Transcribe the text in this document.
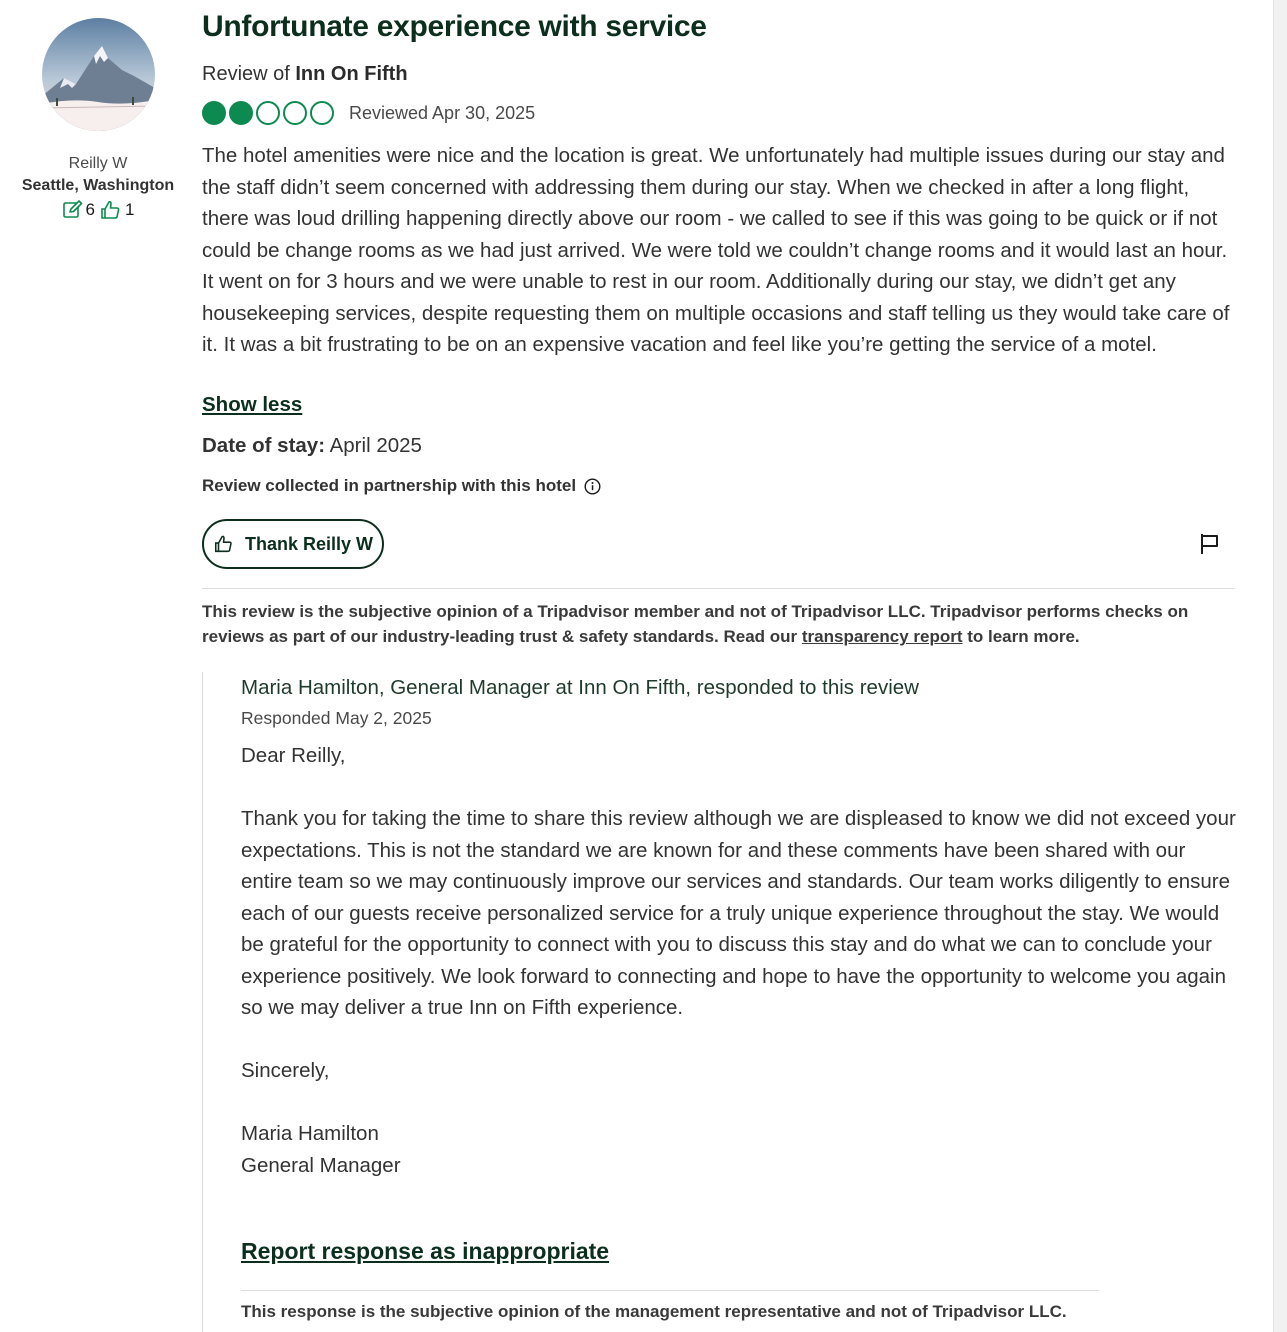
Reilly W
Seattle, Washington
6 1
Unfortunate experience with service
Review of Inn On Fifth
Reviewed Apr 30, 2025

The hotel amenities were nice and the location is great. We unfortunately had multiple issues during our stay and the staff didn’t seem concerned with addressing them during our stay. When we checked in after a long flight, there was loud drilling happening directly above our room - we called to see if this was going to be quick or if not could be change rooms as we had just arrived. We were told we couldn’t change rooms and it would last an hour. It went on for 3 hours and we were unable to rest in our room. Additionally during our stay, we didn’t get any housekeeping services, despite requesting them on multiple occasions and staff telling us they would take care of it. It was a bit frustrating to be on an expensive vacation and feel like you’re getting the service of a motel.

Show less
Date of stay: April 2025
Review collected in partnership with this hotel
Thank Reilly W

This review is the subjective opinion of a Tripadvisor member and not of Tripadvisor LLC. Tripadvisor performs checks on reviews as part of our industry-leading trust & safety standards. Read our transparency report to learn more.

Maria Hamilton, General Manager at Inn On Fifth, responded to this review
Responded May 2, 2025

Dear Reilly,

Thank you for taking the time to share this review although we are displeased to know we did not exceed your expectations. This is not the standard we are known for and these comments have been shared with our entire team so we may continuously improve our services and standards. Our team works diligently to ensure each of our guests receive personalized service for a truly unique experience throughout the stay. We would be grateful for the opportunity to connect with you to discuss this stay and do what we can to conclude your experience positively. We look forward to connecting and hope to have the opportunity to welcome you again so we may deliver a true Inn on Fifth experience.

Sincerely,

Maria Hamilton

General Manager

Report response as inappropriate
This response is the subjective opinion of the management representative and not of Tripadvisor LLC.
